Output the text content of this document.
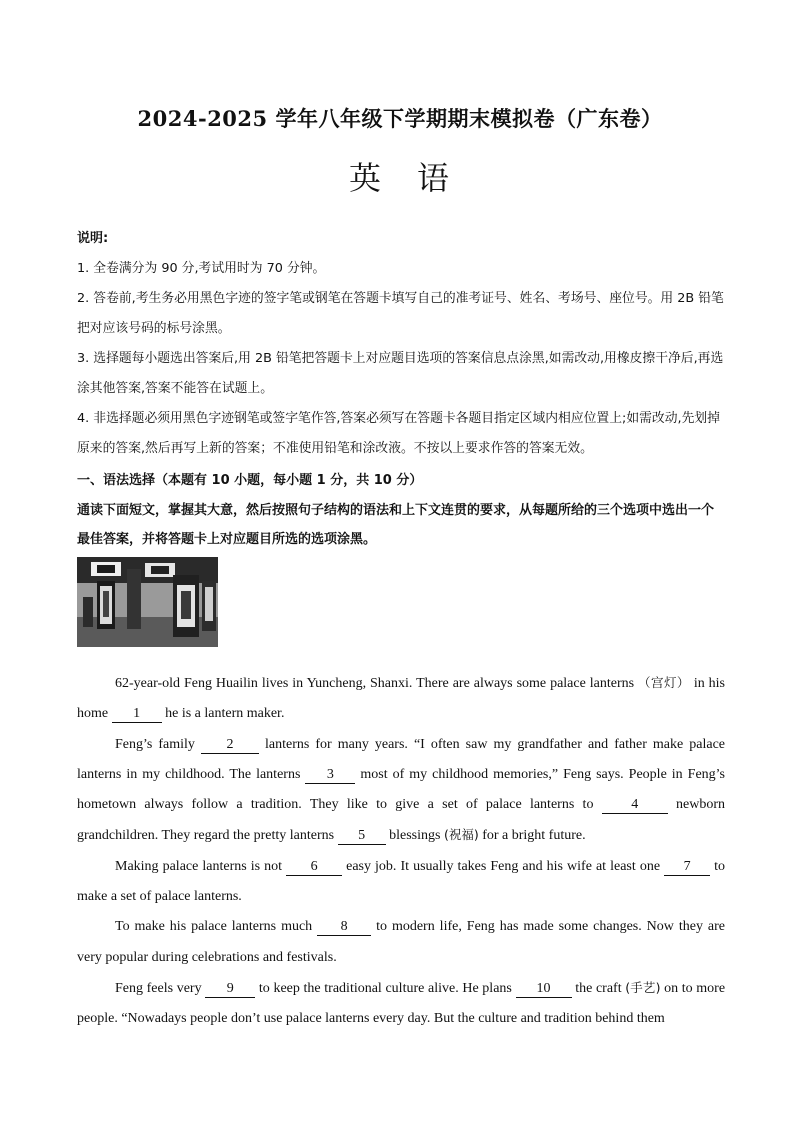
2024-2025 学年八年级下学期期末模拟卷（广东卷）
英 语
说明:

1. 全卷满分为 90 分,考试用时为 70 分钟。

2. 答卷前,考生务必用黑色字迹的签字笔或钢笔在答题卡填写自己的准考证号、姓名、考场号、座位号。用 2B 铅笔把对应该号码的标号涂黑。

3. 选择题每小题选出答案后,用 2B 铅笔把答题卡上对应题目选项的答案信息点涂黑,如需改动,用橡皮擦干净后,再选涂其他答案,答案不能答在试题上。

4. 非选择题必须用黑色字迹钢笔或签字笔作答,答案必须写在答题卡各题目指定区域内相应位置上;如需改动,先划掉原来的答案,然后再写上新的答案；不准使用铅笔和涂改液。不按以上要求作答的答案无效。

一、语法选择（本题有 10 小题，每小题 1 分，共 10 分）
通读下面短文，掌握其大意，然后按照句子结构的语法和上下文连贯的要求，从每题所给的三个选项中选出一个最佳答案，并将答题卡上对应题目所选的选项涂黑。

62-year-old Feng Huailin lives in Yuncheng, Shanxi. There are always some palace lanterns （宫灯） in his home 1 he is a lantern maker.

Feng’s family 2 lanterns for many years. “I often saw my grandfather and father make palace lanterns in my childhood. The lanterns 3 most of my childhood memories,” Feng says. People in Feng’s hometown always follow a tradition. They like to give a set of palace lanterns to	4	newborn grandchildren. They regard the pretty lanterns 5 blessings (祝福) for a bright future.

Making palace lanterns is not 6 easy job. It usually takes Feng and his wife at least one 7 to make a set of palace lanterns.

To make his palace lanterns much 8 to modern life, Feng has made some changes. Now they are very popular during celebrations and festivals.

Feng feels very 9 to keep the traditional culture alive. He plans 10 the craft (手艺) on to more people. “Nowadays people don’t use palace lanterns every day. But the culture and tradition behind them
